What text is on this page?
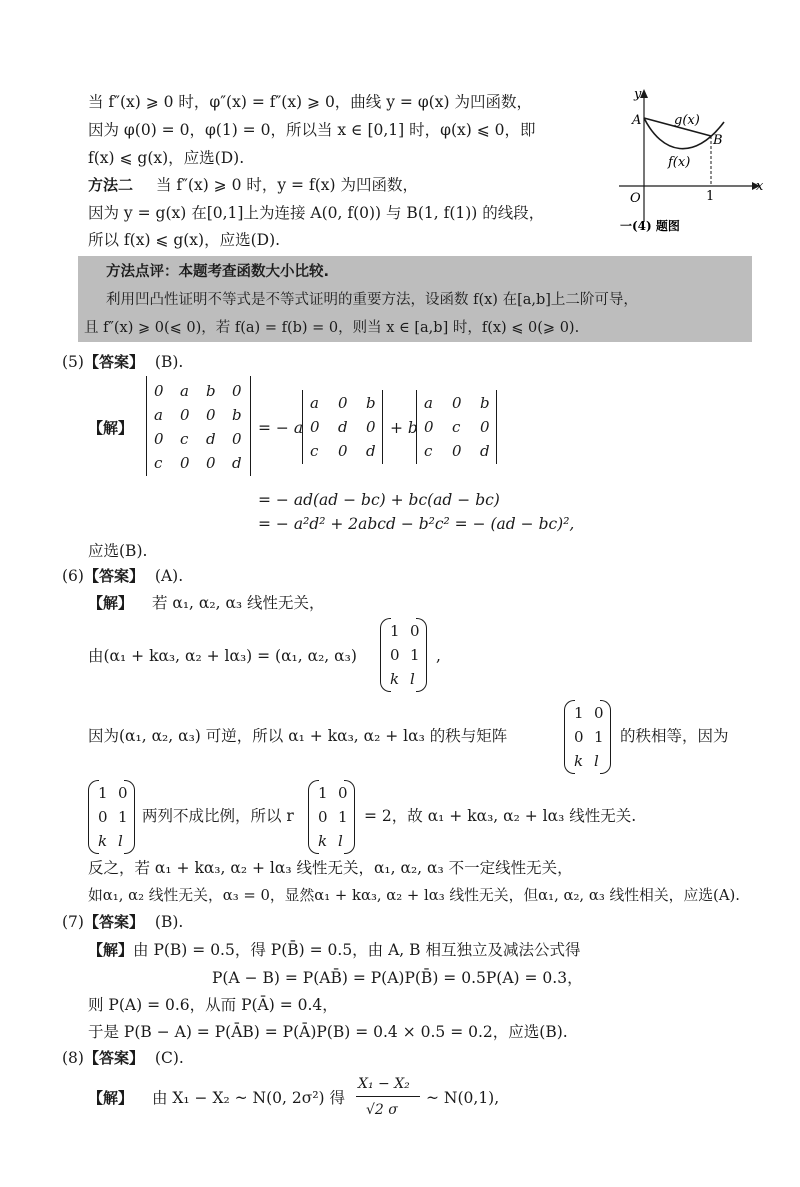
当 f″(x) ⩾ 0 时，φ″(x) = f″(x) ⩾ 0，曲线 y = φ(x) 为凹函数，
因为 φ(0) = 0，φ(1) = 0，所以当 x ∈ [0,1] 时，φ(x) ⩽ 0，即
f(x) ⩽ g(x)，应选(D).
方法二 当 f″(x) ⩾ 0 时，y = f(x) 为凹函数，
因为 y = g(x) 在[0,1]上为连接 A(0, f(0)) 与 B(1, f(1)) 的线段，
所以 f(x) ⩽ g(x)，应选(D).
y
x
O	1
A
B
g(x)
f(x)
一(4) 题图
方法点评：本题考查函数大小比较.
利用凹凸性证明不等式是不等式证明的重要方法，设函数 f(x) 在[a,b]上二阶可导，
且 f″(x) ⩾ 0(⩽ 0)，若 f(a) = f(b) = 0，则当 x ∈ [a,b] 时，f(x) ⩽ 0(⩾ 0).
(5)【答案】 (B).
【解】
0 a b 0
a 0 0 b
0 c d 0
c 0 0 d
= − a
a 0 b
0 d 0
c 0 d
+ b
a 0 b
0 c 0
c 0 d
= − ad(ad − bc) + bc(ad − bc)
= − a²d² + 2abcd − b²c² = − (ad − bc)²,
应选(B).
(6)【答案】 (A).
【解】 若 α₁, α₂, α₃ 线性无关，
由(α₁ + kα₃, α₂ + lα₃) = (α₁, α₂, α₃)
1 0
0 1
k l
,
因为(α₁, α₂, α₃) 可逆，所以 α₁ + kα₃, α₂ + lα₃ 的秩与矩阵
1 0
0 1
k l
的秩相等，因为
1 0
0 1
k l
两列不成比例，所以 r
1 0
0 1
k l
= 2，故 α₁ + kα₃, α₂ + lα₃ 线性无关.
反之，若 α₁ + kα₃, α₂ + lα₃ 线性无关，α₁, α₂, α₃ 不一定线性无关，
如α₁, α₂ 线性无关，α₃ = 0，显然α₁ + kα₃, α₂ + lα₃ 线性无关，但α₁, α₂, α₃ 线性相关，应选(A).
(7)【答案】 (B).
【解】由 P(B) = 0.5，得 P(B̄) = 0.5，由 A, B 相互独立及减法公式得
P(A − B) = P(AB̄) = P(A)P(B̄) = 0.5P(A) = 0.3，
则 P(A) = 0.6，从而 P(Ā) = 0.4，
于是 P(B − A) = P(ĀB) = P(Ā)P(B) = 0.4 × 0.5 = 0.2，应选(B).
(8)【答案】 (C).
【解】 由 X₁ − X₂ ~ N(0, 2σ²) 得
X₁ − X₂
√2 σ
~ N(0,1),
